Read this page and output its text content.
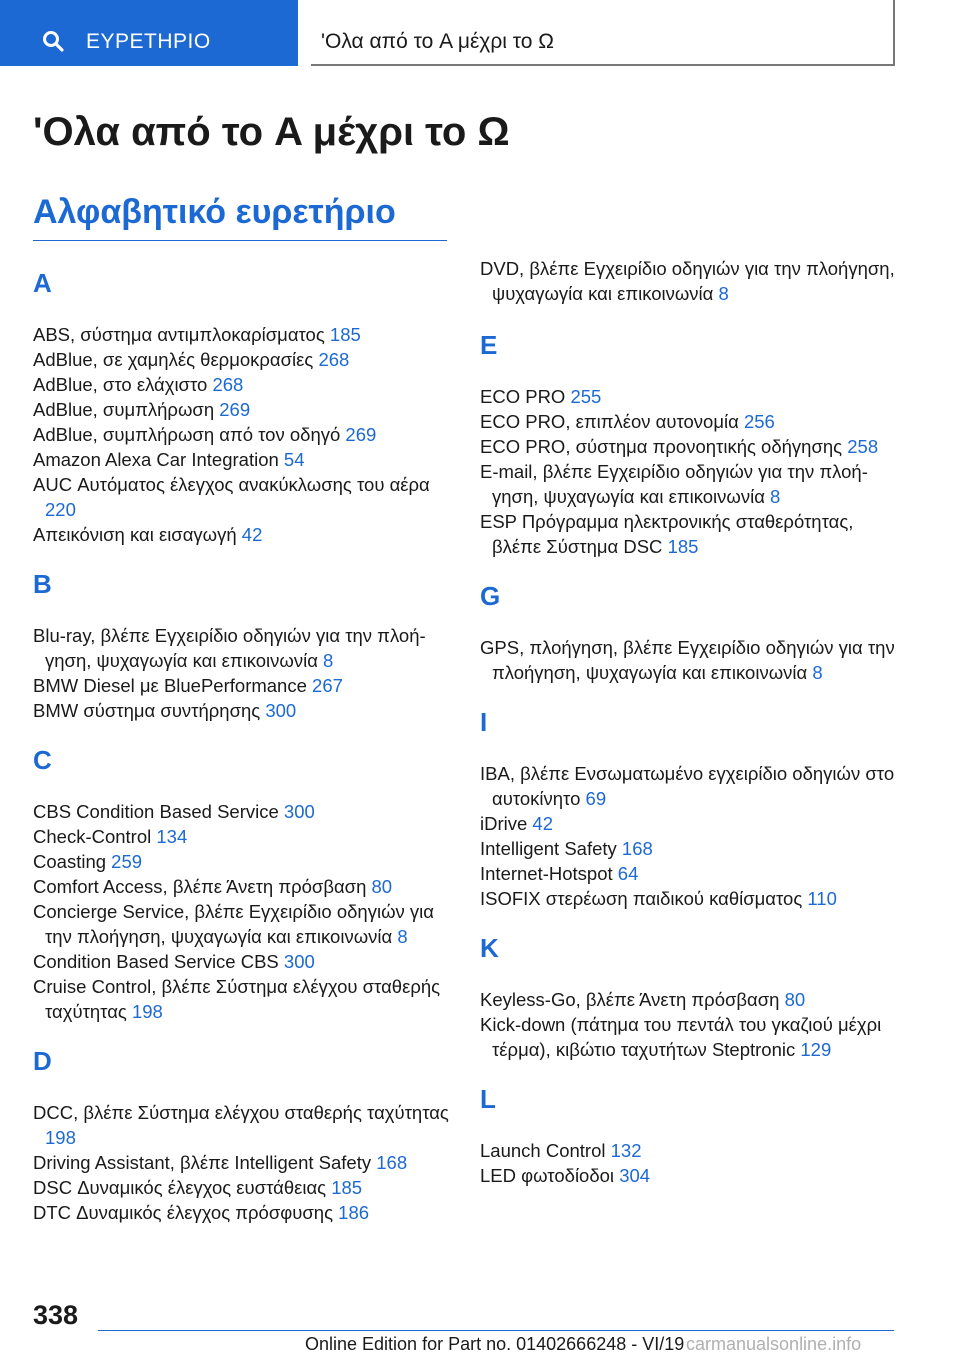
ΕΥΡΕΤΗΡΙΟ	'Ολα από το A μέχρι το Ω
'Ολα από το A μέχρι το Ω
Αλφαβητικό ευρετήριο
A
ABS, σύστημα αντιμπλοκαρίσματος 185
AdBlue, σε χαμηλές θερμοκρασίες 268
AdBlue, στο ελάχιστο 268
AdBlue, συμπλήρωση 269
AdBlue, συμπλήρωση από τον οδηγό 269
Amazon Alexa Car Integration 54
AUC Αυτόματος έλεγχος ανακύκλωσης του αέρα 220
Απεικόνιση και εισαγωγή 42
B
Blu-ray, βλέπε Εγχειρίδιο οδηγιών για την πλοήγηση, ψυχαγωγία και επικοινωνία 8
BMW Diesel με BluePerformance 267
BMW σύστημα συντήρησης 300
C
CBS Condition Based Service 300
Check-Control 134
Coasting 259
Comfort Access, βλέπε Άνετη πρόσβαση 80
Concierge Service, βλέπε Εγχειρίδιο οδηγιών για την πλοήγηση, ψυχαγωγία και επικοινωνία 8
Condition Based Service CBS 300
Cruise Control, βλέπε Σύστημα ελέγχου σταθερής ταχύτητας 198
D
DCC, βλέπε Σύστημα ελέγχου σταθερής ταχύτητας 198
Driving Assistant, βλέπε Intelligent Safety 168
DSC Δυναμικός έλεγχος ευστάθειας 185
DTC Δυναμικός έλεγχος πρόσφυσης 186
DVD, βλέπε Εγχειρίδιο οδηγιών για την πλοήγηση, ψυχαγωγία και επικοινωνία 8
E
ECO PRO 255
ECO PRO, επιπλέον αυτονομία 256
ECO PRO, σύστημα προνοητικής οδήγησης 258
E-mail, βλέπε Εγχειρίδιο οδηγιών για την πλοήγηση, ψυχαγωγία και επικοινωνία 8
ESP Πρόγραμμα ηλεκτρονικής σταθερότητας, βλέπε Σύστημα DSC 185
G
GPS, πλοήγηση, βλέπε Εγχειρίδιο οδηγιών για την πλοήγηση, ψυχαγωγία και επικοινωνία 8
I
IBA, βλέπε Ενσωματωμένο εγχειρίδιο οδηγιών στο αυτοκίνητο 69
iDrive 42
Intelligent Safety 168
Internet-Hotspot 64
ISOFIX στερέωση παιδικού καθίσματος 110
K
Keyless-Go, βλέπε Άνετη πρόσβαση 80
Kick-down (πάτημα του πεντάλ του γκαζιού μέχρι τέρμα), κιβώτιο ταχυτήτων Steptronic 129
L
Launch Control 132
LED φωτοδίοδοι 304
338
Online Edition for Part no. 01402666248 - VI/19 carmanualsonline.info
